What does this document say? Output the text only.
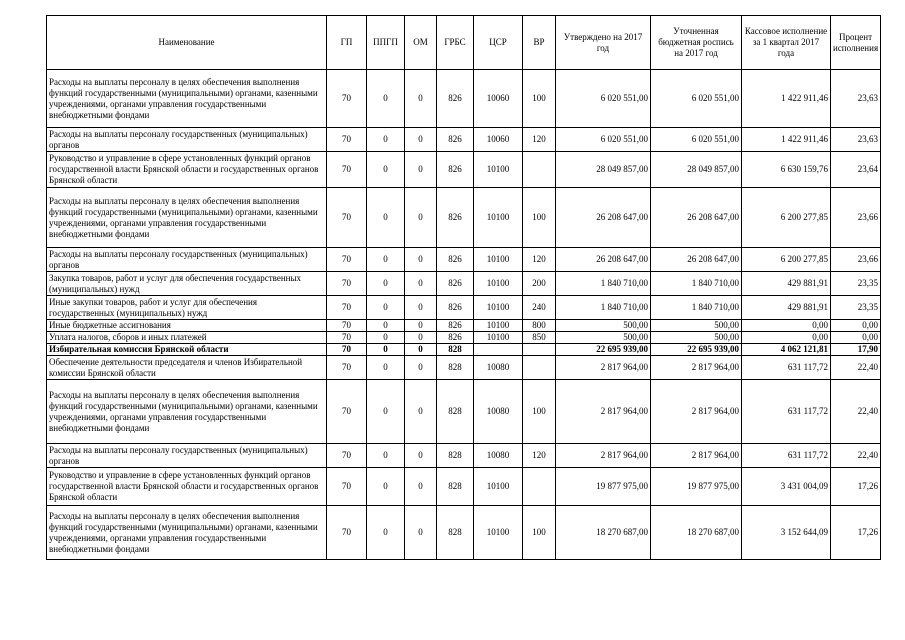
Наименование	ГП	ППГП	ОМ	ГРБС	ЦСР	ВР	Утверждено на 2017 год	Уточненная бюджетная роспись на 2017 год	Кассовое исполнение за 1 квартал 2017 года	Процент исполнения
Расходы на выплаты персоналу в целях обеспечения выполнения функций государственными (муниципальными) органами, казенными учреждениями, органами управления государственными внебюджетными фондами	70	0	0	826	10060	100	6 020 551,00	6 020 551,00	1 422 911,46	23,63
Расходы на выплаты персоналу государственных (муниципальных) органов	70	0	0	826	10060	120	6 020 551,00	6 020 551,00	1 422 911,46	23,63
Руководство и управление в сфере установленных функций органов государственной власти Брянской области и государственных органов Брянской области	70	0	0	826	10100		28 049 857,00	28 049 857,00	6 630 159,76	23,64
Расходы на выплаты персоналу в целях обеспечения выполнения функций государственными (муниципальными) органами, казенными учреждениями, органами управления государственными внебюджетными фондами	70	0	0	826	10100	100	26 208 647,00	26 208 647,00	6 200 277,85	23,66
Расходы на выплаты персоналу государственных (муниципальных) органов	70	0	0	826	10100	120	26 208 647,00	26 208 647,00	6 200 277,85	23,66
Закупка товаров, работ и услуг для обеспечения государственных (муниципальных) нужд	70	0	0	826	10100	200	1 840 710,00	1 840 710,00	429 881,91	23,35
Иные закупки товаров, работ и услуг для обеспечения государственных (муниципальных) нужд	70	0	0	826	10100	240	1 840 710,00	1 840 710,00	429 881,91	23,35
Иные бюджетные ассигнования	70	0	0	826	10100	800	500,00	500,00	0,00	0,00
Уплата налогов, сборов и иных платежей	70	0	0	826	10100	850	500,00	500,00	0,00	0,00
Избирательная комиссия Брянской области	70	0	0	828			22 695 939,00	22 695 939,00	4 062 121,81	17,90
Обеспечение деятельности председателя и членов Избирательной комиссии Брянской области	70	0	0	828	10080		2 817 964,00	2 817 964,00	631 117,72	22,40
Расходы на выплаты персоналу в целях обеспечения выполнения функций государственными (муниципальными) органами, казенными учреждениями, органами управления государственными внебюджетными фондами	70	0	0	828	10080	100	2 817 964,00	2 817 964,00	631 117,72	22,40
Расходы на выплаты персоналу государственных (муниципальных) органов	70	0	0	828	10080	120	2 817 964,00	2 817 964,00	631 117,72	22,40
Руководство и управление в сфере установленных функций органов государственной власти Брянской области и государственных органов Брянской области	70	0	0	828	10100		19 877 975,00	19 877 975,00	3 431 004,09	17,26
Расходы на выплаты персоналу в целях обеспечения выполнения функций государственными (муниципальными) органами, казенными учреждениями, органами управления государственными внебюджетными фондами	70	0	0	828	10100	100	18 270 687,00	18 270 687,00	3 152 644,09	17,26
